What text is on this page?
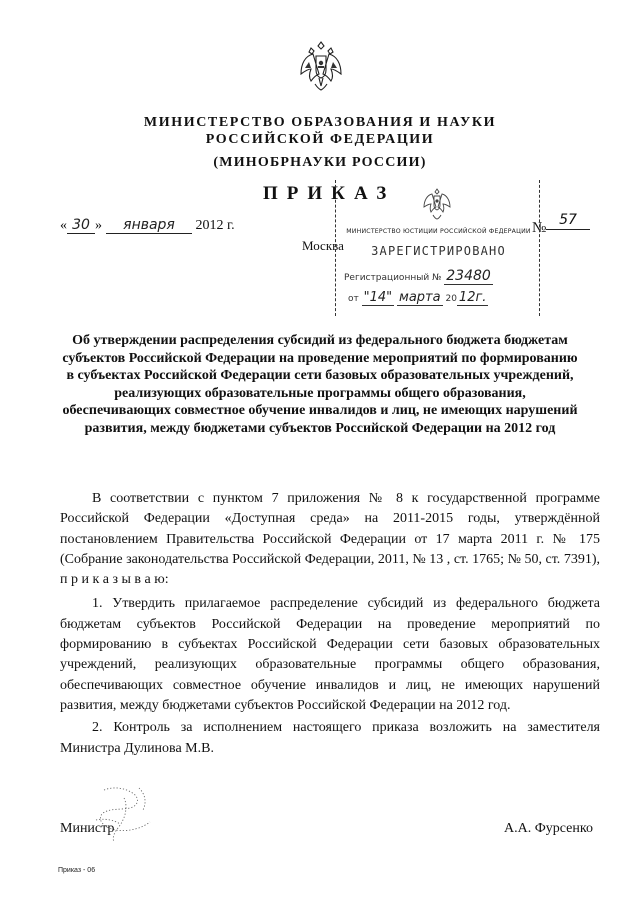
МИНИСТЕРСТВО ОБРАЗОВАНИЯ И НАУКИ
РОССИЙСКОЙ ФЕДЕРАЦИИ
(МИНОБРНАУКИ РОССИИ)
ПРИКАЗ
« 30 » января 2012 г.
Москва
№ 57
МИНИСТЕРСТВО ЮСТИЦИИ РОССИЙСКОЙ ФЕДЕРАЦИИ
ЗАРЕГИСТРИРОВАНО
Регистрационный № 23480
от "14" марта 20 12г.
Об утверждении распределения субсидий из федерального бюджета бюджетам субъектов Российской Федерации на проведение мероприятий по формированию в субъектах Российской Федерации сети базовых образовательных учреждений, реализующих образовательные программы общего образования, обеспечивающих совместное обучение инвалидов и лиц, не имеющих нарушений развития, между бюджетами субъектов Российской Федерации на 2012 год

В соответствии с пунктом 7 приложения № 8 к государственной программе Российской Федерации «Доступная среда» на 2011-2015 годы, утверждённой постановлением Правительства Российской Федерации от 17 марта 2011 г. № 175 (Собрание законодательства Российской Федерации, 2011, № 13 , ст. 1765; № 50, ст. 7391), п р и к а з ы в а ю:

1. Утвердить прилагаемое распределение субсидий из федерального бюджета бюджетам субъектов Российской Федерации на проведение мероприятий по формированию в субъектах Российской Федерации сети базовых образовательных учреждений, реализующих образовательные программы общего образования, обеспечивающих совместное обучение инвалидов и лиц, не имеющих нарушений развития, между бюджетами субъектов Российской Федерации на 2012 год.

2. Контроль за исполнением настоящего приказа возложить на заместителя Министра Дулинова М.В.

Министр	А.А. Фурсенко
Приказ - 06
